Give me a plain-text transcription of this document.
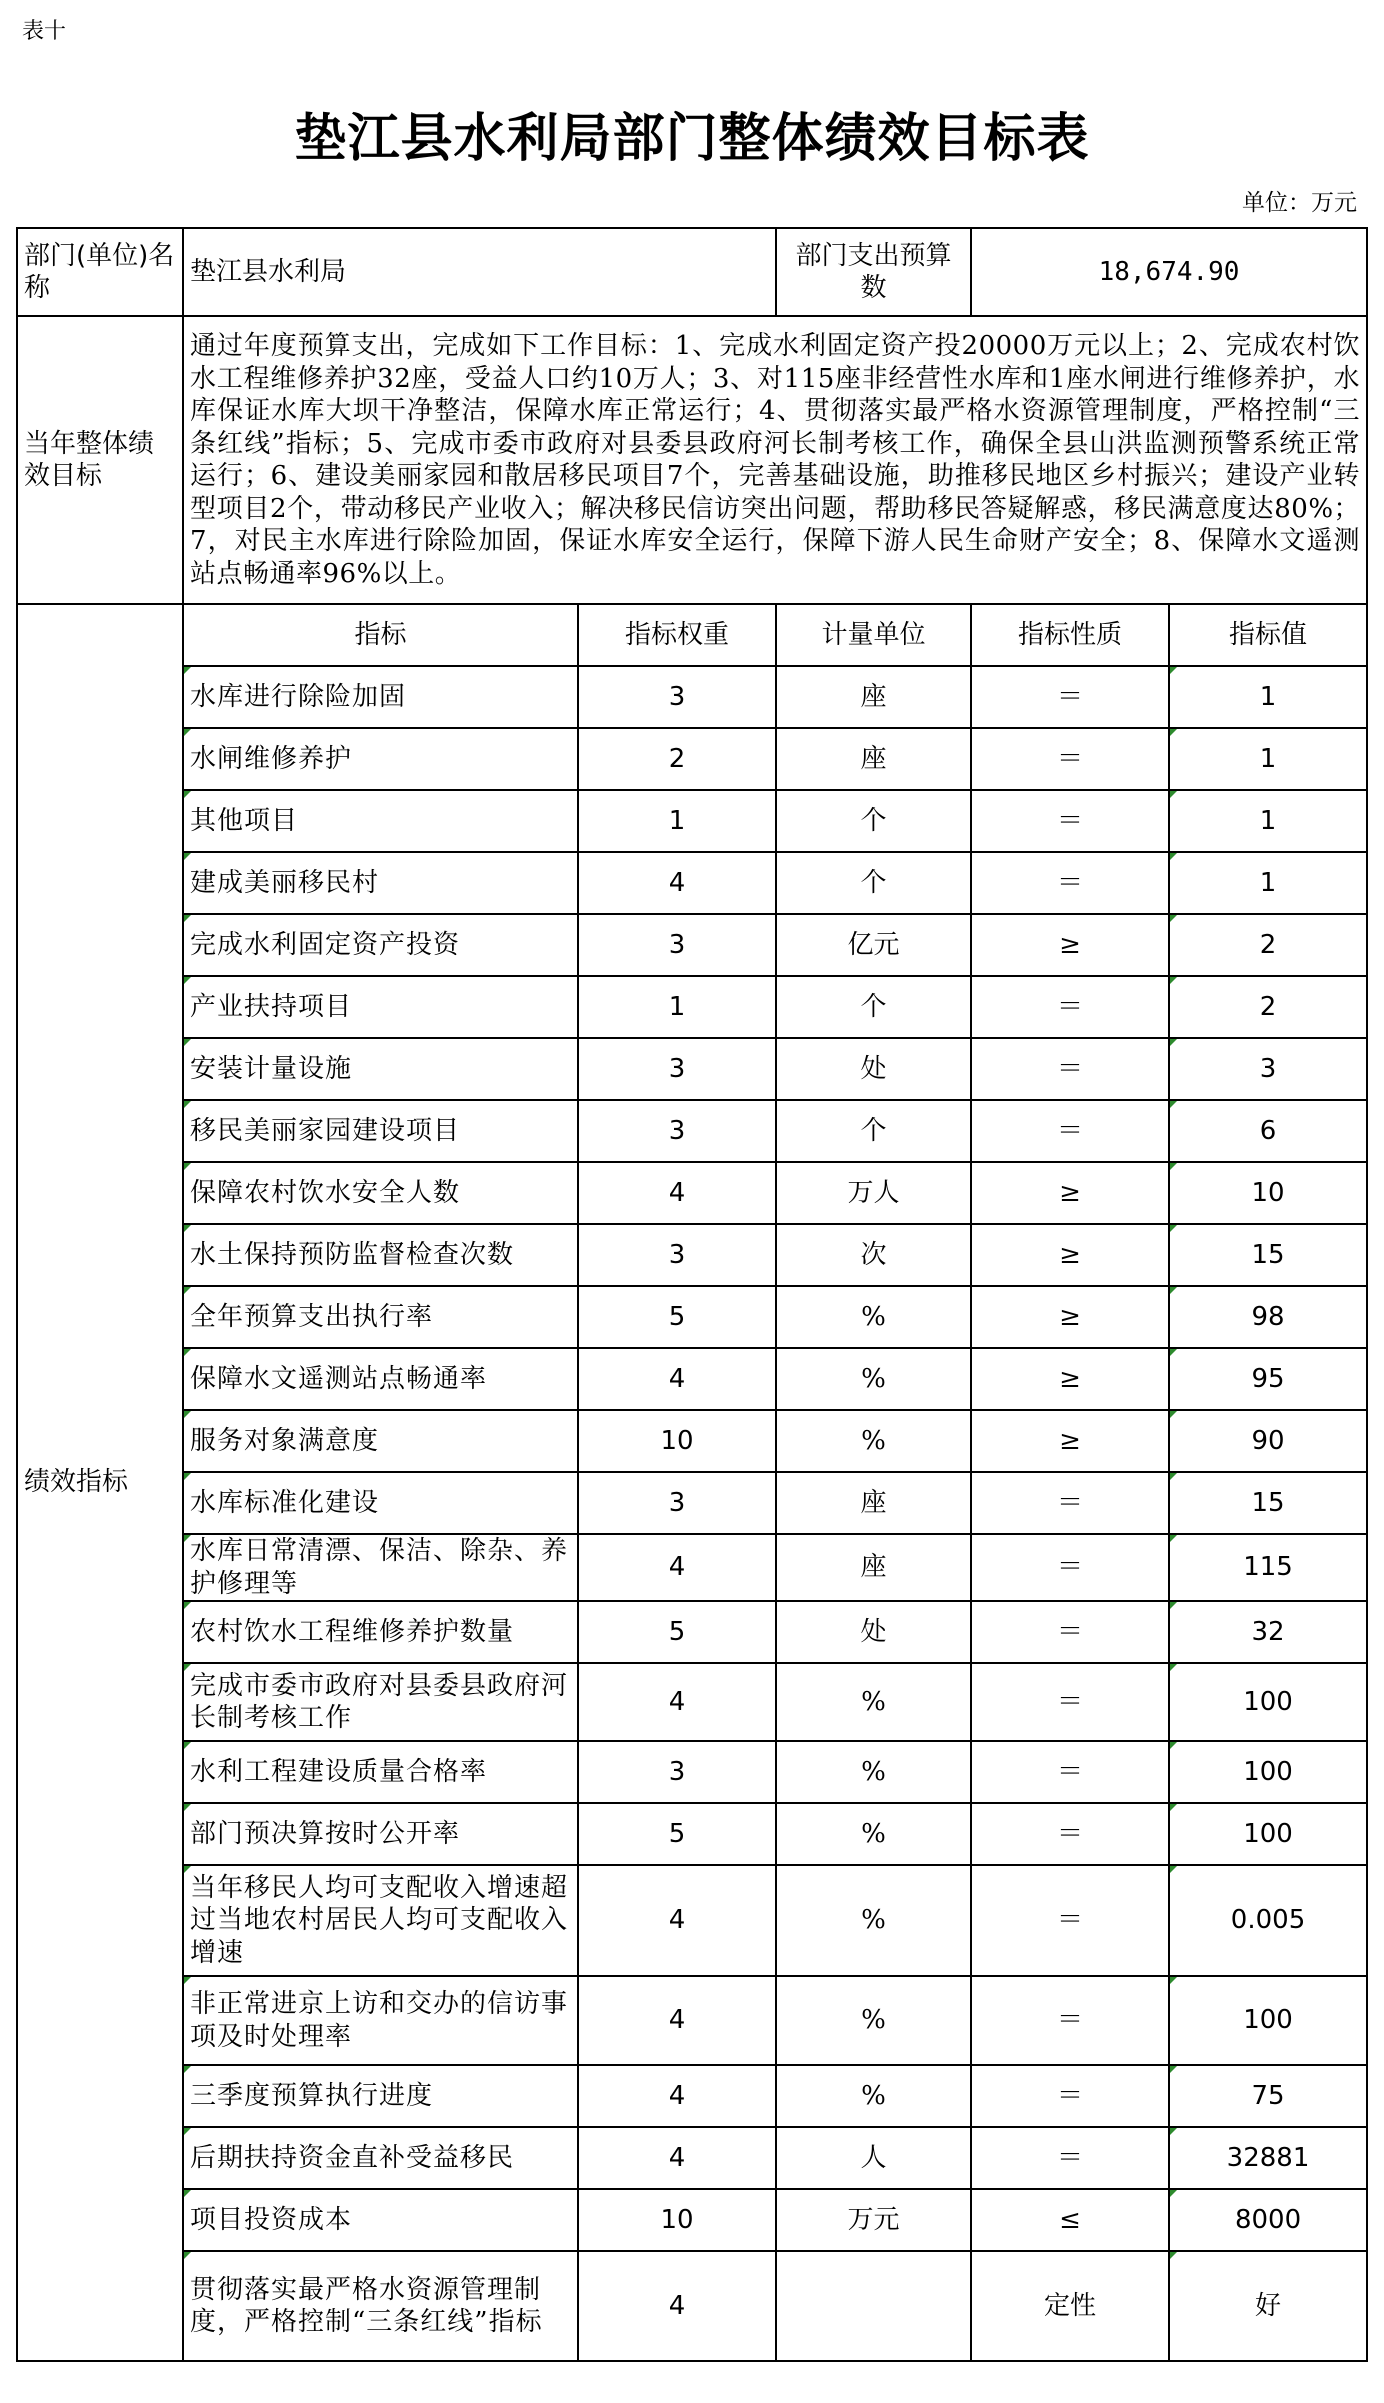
表十
垫江县水利局部门整体绩效目标表
单位：万元
部门(单位)名称	垫江县水利局		部门支出预算数	18,674.90	
当年整体绩效目标	通过年度预算支出，完成如下工作目标：1、完成水利固定资产投20000万元以上；2、完成农村饮水工程维修养护32座，受益人口约10万人；3、对115座非经营性水库和1座水闸进行维修养护，水库保证水库大坝干净整洁，保障水库正常运行；4、贯彻落实最严格水资源管理制度，严格控制“三条红线”指标；5、完成市委市政府对县委县政府河长制考核工作，确保全县山洪监测预警系统正常运行；6、建设美丽家园和散居移民项目7个，完善基础设施，助推移民地区乡村振兴；建设产业转型项目2个，带动移民产业收入；解决移民信访突出问题，帮助移民答疑解惑，移民满意度达80%；7，对民主水库进行除险加固，保证水库安全运行，保障下游人民生命财产安全；8、保障水文遥测站点畅通率96%以上。				
绩效指标	指标	指标权重	计量单位	指标性质	指标值
	水库进行除险加固	3	座	＝	1
	水闸维修养护	2	座	＝	1
	其他项目	1	个	＝	1
	建成美丽移民村	4	个	＝	1
	完成水利固定资产投资	3	亿元	≥	2
	产业扶持项目	1	个	＝	2
	安装计量设施	3	处	＝	3
	移民美丽家园建设项目	3	个	＝	6
	保障农村饮水安全人数	4	万人	≥	10
	水土保持预防监督检查次数	3	次	≥	15
	全年预算支出执行率	5	%	≥	98
	保障水文遥测站点畅通率	4	%	≥	95
	服务对象满意度	10	%	≥	90
	水库标准化建设	3	座	＝	15
	水库日常清漂、保洁、除杂、养护修理等	4	座	＝	115
	农村饮水工程维修养护数量	5	处	＝	32
	完成市委市政府对县委县政府河长制考核工作	4	%	＝	100
	水利工程建设质量合格率	3	%	＝	100
	部门预决算按时公开率	5	%	＝	100
	当年移民人均可支配收入增速超过当地农村居民人均可支配收入增速	4	%	＝	0.005
	非正常进京上访和交办的信访事项及时处理率	4	%	＝	100
	三季度预算执行进度	4	%	＝	75
	后期扶持资金直补受益移民	4	人	＝	32881
	项目投资成本	10	万元	≤	8000
	贯彻落实最严格水资源管理制度，严格控制“三条红线”指标	4		定性	好
